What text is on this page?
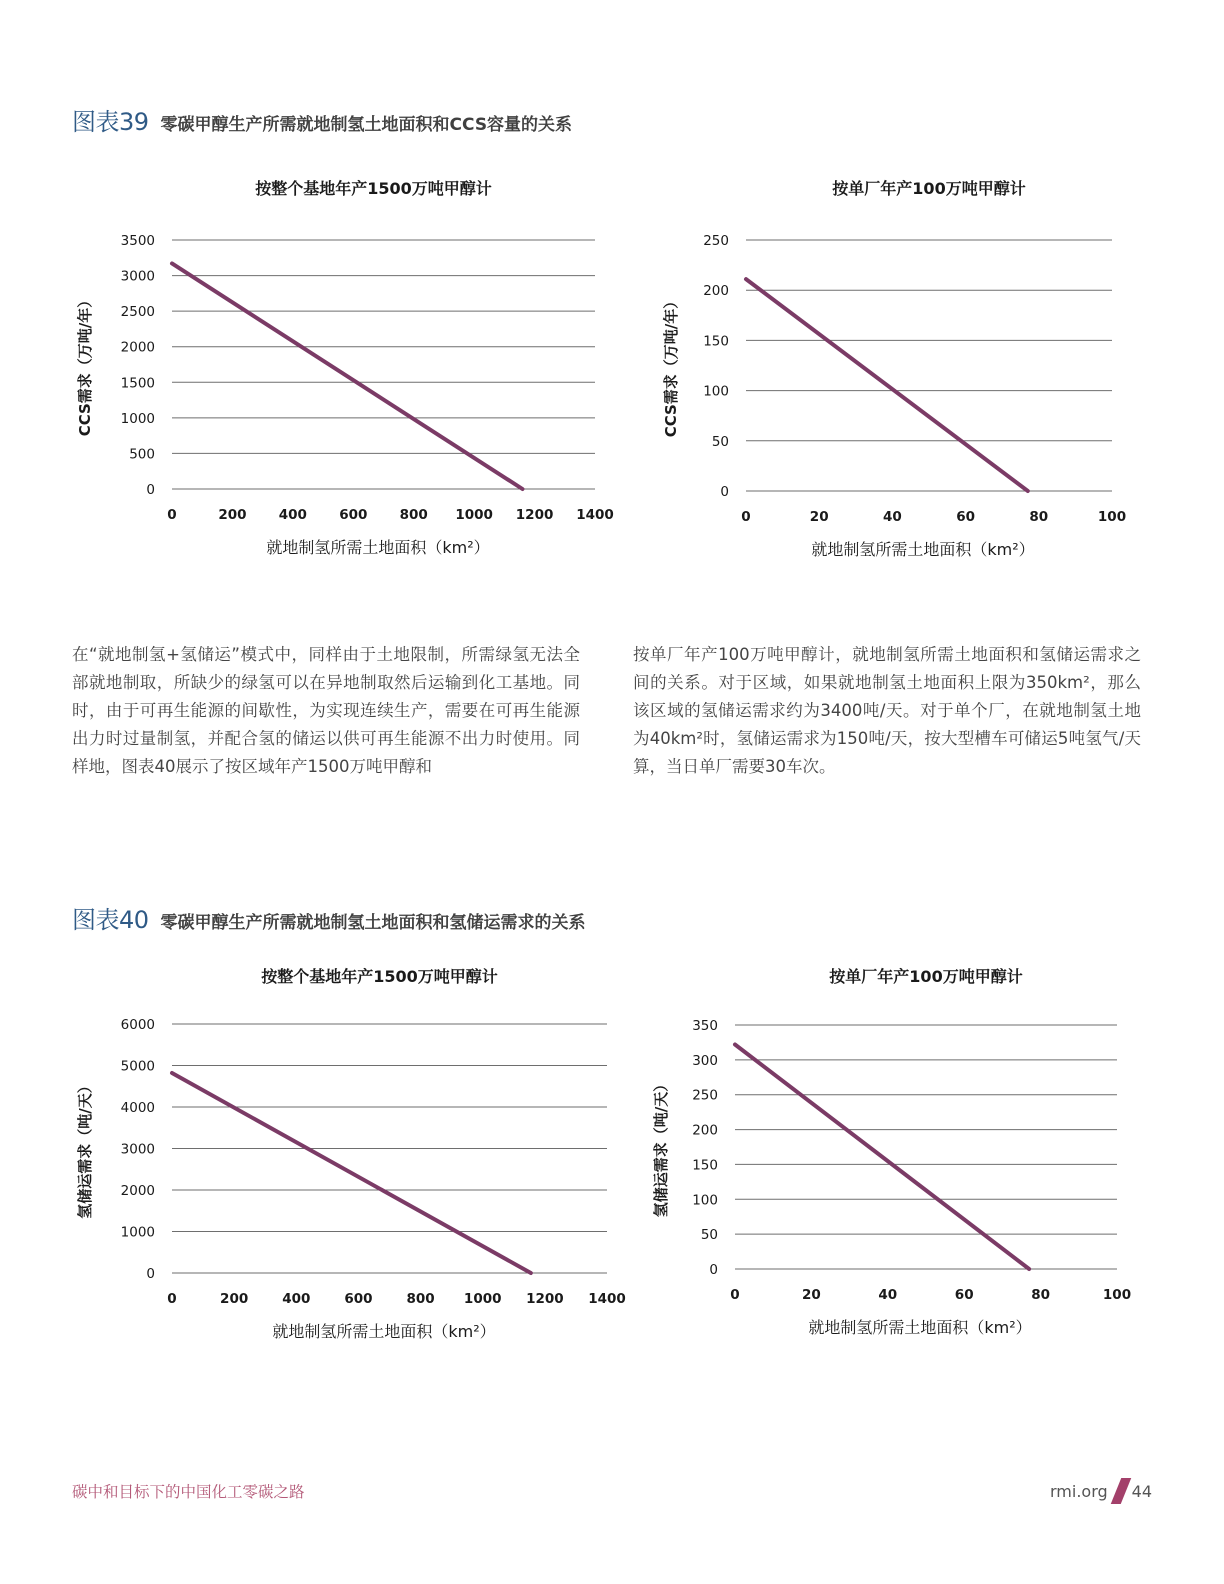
图表39 零碳甲醇生产所需就地制氢土地面积和CCS容量的关系
按整个基地年产1500万吨甲醇计
0
500
1000
1500
2000
2500
3000
3500
0	200 400 600 800 1000 1200 1400
就地制氢所需土地面积（km²）
CCS需求（万吨/年）
按单厂年产100万吨甲醇计
0
50
100
150
200
250
0	20	40	60	80	100
就地制氢所需土地面积（km²）
CCS需求（万吨/年）

在“就地制氢+氢储运”模式中，同样由于土地限制，所需绿氢无法全部就地制取，所缺少的绿氢可以在异地制取然后运输到化工基地。同时，由于可再生能源的间歇性，为实现连续生产，需要在可再生能源出力时过量制氢，并配合氢的储运以供可再生能源不出力时使用。同样地，图表40展示了按区域年产1500万吨甲醇和

按单厂年产100万吨甲醇计，就地制氢所需土地面积和氢储运需求之间的关系。对于区域，如果就地制氢土地面积上限为350km²，那么该区域的氢储运需求约为3400吨/天。对于单个厂，在就地制氢土地为40km²时，氢储运需求为150吨/天，按大型槽车可储运5吨氢气/天算，当日单厂需要30车次。

图表40 零碳甲醇生产所需就地制氢土地面积和氢储运需求的关系
按整个基地年产1500万吨甲醇计
0
1000
2000
3000
4000
5000
6000
0	200	400	600	800 1000 1200 1400
就地制氢所需土地面积（km²）
氢储运需求（吨/天）
按单厂年产100万吨甲醇计
0
50
100
150
200
250
300
350
0	20	40	60	80	100
就地制氢所需土地面积（km²）
氢储运需求（吨/天）
碳中和目标下的中国化工零碳之路	rmi.org 44
